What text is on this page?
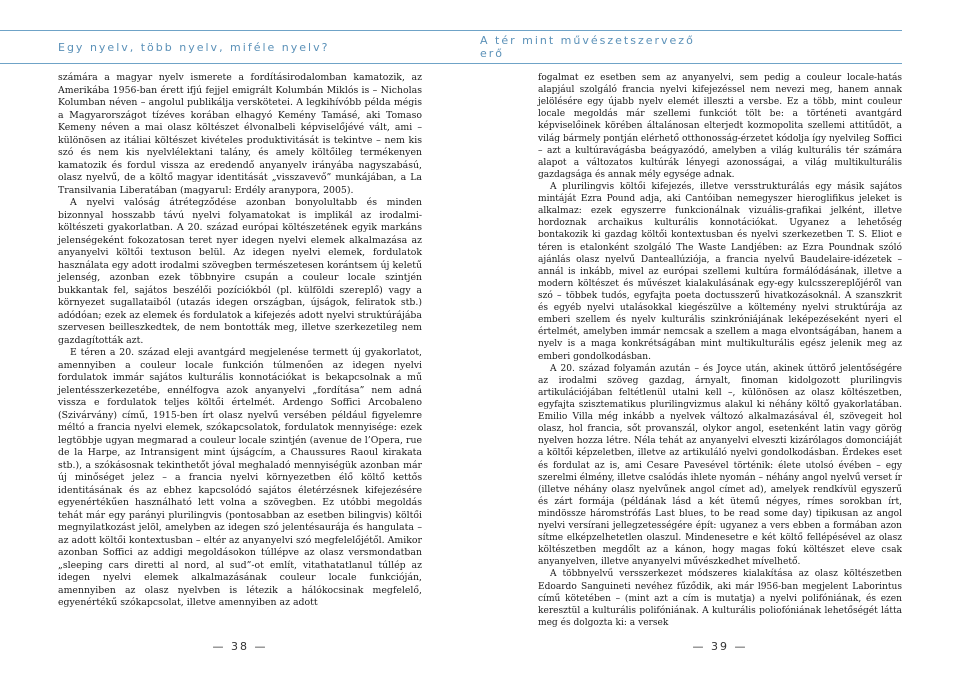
Egy nyelv, több nyelv, miféle nyelv?

számára a magyar nyelv ismerete a fordításirodalomban kamatozik, az Amerikába 1956-ban érett ifjú fejjel emigrált Kolumbán Miklós is – Nicholas Kolumban néven – angolul publikálja verskötetei. A legkihívóbb példa mégis a Magyarországot tízéves korában elhagyó Kemény Tamásé, aki Tomaso Kemeny néven a mai olasz költészet élvonalbeli képviselőjévé vált, ami – különösen az itáliai költészet kivételes produktivitását is tekintve – nem kis szó és nem kis nyelvlélektani talány, és amely költőileg termékenyen kamatozik és fordul vissza az eredendő anyanyelv irányába nagyszabású, olasz nyelvű, de a költő magyar identitását „visszavevő” munkájában, a La Transilvania Liberatában (magyarul: Erdély aranypora, 2005).

A nyelvi valóság átrétegződése azonban bonyolultabb és minden bizonnyal hosszabb távú nyelvi folyamatokat is implikál az irodalmi-költészeti gyakorlatban. A 20. század európai költészetének egyik markáns jelenségeként fokozatosan teret nyer idegen nyelvi elemek alkalmazása az anyanyelvi költői textuson belül. Az idegen nyelvi elemek, fordulatok használata egy adott irodalmi szövegben természetesen korántsem új keletű jelenség, azonban ezek többnyire csupán a couleur locale szintjén bukkantak fel, sajátos beszélői pozíciókból (pl. külföldi szereplő) vagy a környezet sugallataiból (utazás idegen országban, újságok, feliratok stb.) adódóan; ezek az elemek és fordulatok a kifejezés adott nyelvi struktúrájába szervesen beilleszkedtek, de nem bontották meg, illetve szerkezetileg nem gazdagították azt.

E téren a 20. század eleji avantgárd megjelenése termett új gyakorlatot, amennyiben a couleur locale funkción túlmenően az idegen nyelvi fordulatok immár sajátos kulturális konnotációkat is bekapcsolnak a mű jelentésszerkezetébe, ennélfogva azok anyanyelvi „fordítása” nem adná vissza e fordulatok teljes költői értelmét. Ardengo Soffici Arcobaleno (Szivárvány) című, 1915-ben írt olasz nyelvű versében például figyelemre méltó a francia nyelvi elemek, szókapcsolatok, fordulatok mennyisége: ezek legtöbbje ugyan megmarad a couleur locale szintjén (avenue de l’Opera, rue de la Harpe, az Intransigent mint újságcím, a Chaussures Raoul kirakata stb.), a szókásosnak tekinthetőt jóval meghaladó mennyiségük azonban már új minőséget jelez – a francia nyelvi környezetben élő költő kettős identitásának és az ebhez kapcsolódó sajátos életérzésnek kifejezésére egyenértékűen használható lett volna a szövegben. Ez utóbbi megoldás tehát már egy parányi plurilingvis (pontosabban az esetben bilingvis) költői megnyilatkozást jelöl, amelyben az idegen szó jelentésaurája és hangulata – az adott költői kontextusban – eltér az anyanyelvi szó megfelelőjétől. Amikor azonban Soffici az addigi megoldásokon túllépve az olasz versmondatban „sleeping cars diretti al nord, al sud”-ot említ, vitathatatlanul túllép az idegen nyelvi elemek alkalmazásának couleur locale funkcióján, amennyiben az olasz nyelvben is létezik a hálókocsinak megfelelő, egyenértékű szókapcsolat, illetve amennyiben az adott

— 38 —
A tér mint művészetszervező erő

fogalmat ez esetben sem az anyanyelvi, sem pedig a couleur locale-hatás alapjául szolgáló francia nyelvi kifejezéssel nem nevezi meg, hanem annak jelölésére egy újabb nyelv elemét illeszti a versbe. Ez a több, mint couleur locale megoldás már szellemi funkciót tölt be: a történeti avantgárd képviselőinek körében általánosan elterjedt kozmopolita szellemi attitűdöt, a világ bármely pontján elérhető otthonosság-érzetet kódolja így nyelvileg Soffici – azt a kultúravágásba beágyazódó, amelyben a világ kulturális tér számára alapot a változatos kultúrák lényegi azonosságai, a világ multikulturális gazdagsága és annak mély egysége adnak.

A plurilingvis költői kifejezés, illetve versstrukturálás egy másik sajátos mintáját Ezra Pound adja, aki Cantóiban nemegyszer hieroglifikus jeleket is alkalmaz: ezek egyszerre funkcionálnak vizuális-grafikai jelként, illetve hordoznak archaikus kulturális konnotációkat. Ugyanez a lehetőség bontakozik ki gazdag költői kontextusban és nyelvi szerkezetben T. S. Eliot e téren is etalonként szolgáló The Waste Landjében: az Ezra Poundnak szóló ajánlás olasz nyelvű Danteallúziója, a francia nyelvű Baudelaire-idézetek – annál is inkább, mivel az európai szellemi kultúra formálódásának, illetve a modern költészet és művészet kialakulásának egy-egy kulcsszereplőjéről van szó – többek tudós, egyfajta poeta doctusszerű hivatkozásoknál. A szanszkrit és egyéb nyelvi utalásokkal kiegészülve a költemény nyelvi struktúrája az emberi szellem és nyelv kulturális szinkróniájának leképezéseként nyeri el értelmét, amelyben immár nemcsak a szellem a maga elvontságában, hanem a nyelv is a maga konkrétságában mint multikulturális egész jelenik meg az emberi gondolkodásban.

A 20. század folyamán azután – és Joyce után, akinek úttörő jelentőségére az irodalmi szöveg gazdag, árnyalt, finoman kidolgozott plurilingvis artikulációjában feltétlenül utalni kell –, különösen az olasz költészetben, egyfajta szisztematikus plurilingvizmus alakul ki néhány költő gyakorlatában. Emilio Villa még inkább a nyelvek változó alkalmazásával él, szövegeit hol olasz, hol francia, sőt provanszál, olykor angol, esetenként latin vagy görög nyelven hozza létre. Néla tehát az anyanyelvi elveszti kizárólagos domonciáját a költői képzeletben, illetve az artikuláló nyelvi gondolkodásban. Érdekes eset és fordulat az is, ami Cesare Pavesével történik: élete utolsó évében – egy szerelmi élmény, illetve csalódás ihlete nyomán – néhány angol nyelvű verset ír (illetve néhány olasz nyelvűnek angol címet ad), amelyek rendkívül egyszerű és zárt formája (példának lásd a két ütemű négyes, rímes sorokban írt, mindössze háromstrófás Last blues, to be read some day) tipikusan az angol nyelvi versírani jellegzetességére épít: ugyanez a vers ebben a formában azon sítme elképzelhetetlen olaszul. Mindenesetre e két költő fellépésével az olasz költészetben megdőlt az a kánon, hogy magas fokú költészet eleve csak anyanyelven, illetve anyanyelvi művészkedhet mívelhető.

A többnyelvű versszerkezet módszeres kialakítása az olasz költészetben Edoardo Sanguineti nevéhez fűződik, aki már l956-ban megjelent Laborintus című kötetében – (mint azt a cím is mutatja) a nyelvi polifóniának, és ezen keresztül a kulturális polifóniának. A kulturális poliofóniának lehetőségét látta meg és dolgozta ki: a versek

— 39 —
